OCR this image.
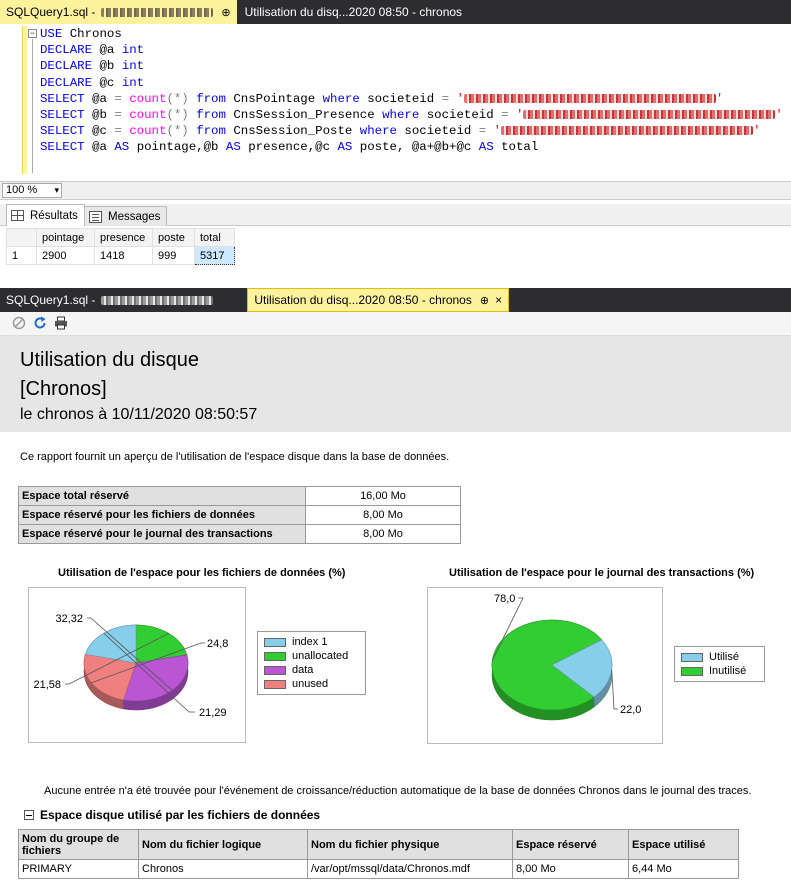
SQLQuery1.sql -	⊕ Utilisation du disq...2020 08:50 - chronos
− USE Chronos
DECLARE @a int
DECLARE @b int
DECLARE @c int
SELECT @a = count(*) from CnsPointage where societeid = '	'
SELECT @b = count(*) from CnsSession_Presence where societeid = '	'
SELECT @c = count(*) from CnsSession_Poste where societeid = '	'
SELECT @a AS pointage,@b AS presence,@c AS poste, @a+@b+@c AS total
100 % ▾
Résultats	Messages
	pointage	presence	poste	total
1	2900	1418	999	5317
SQLQuery1.sql -	Utilisation du disq...2020 08:50 - chronos ⊕ ×
Utilisation du disque
[Chronos]
le chronos à 10/11/2020 08:50:57
Ce rapport fournit un aperçu de l'utilisation de l'espace disque dans la base de données.
Espace total réservé	16,00 Mo
Espace réservé pour les fichiers de données	8,00 Mo
Espace réservé pour le journal des transactions	8,00 Mo
Utilisation de l'espace pour les fichiers de données (%)
21,58
32,32
24,8
21,29
index 1
unallocated
data
unused
Utilisation de l'espace pour le journal des transactions (%)
78,0
22,0
Utilisé
Inutilisé
Aucune entrée n'a été trouvée pour l'événement de croissance/réduction automatique de la base de données Chronos dans le journal des traces.
Espace disque utilisé par les fichiers de données
Nom du groupe de fichiers	Nom du fichier logique	Nom du fichier physique	Espace réservé	Espace utilisé
PRIMARY	Chronos	/var/opt/mssql/data/Chronos.mdf	8,00 Mo	6,44 Mo
